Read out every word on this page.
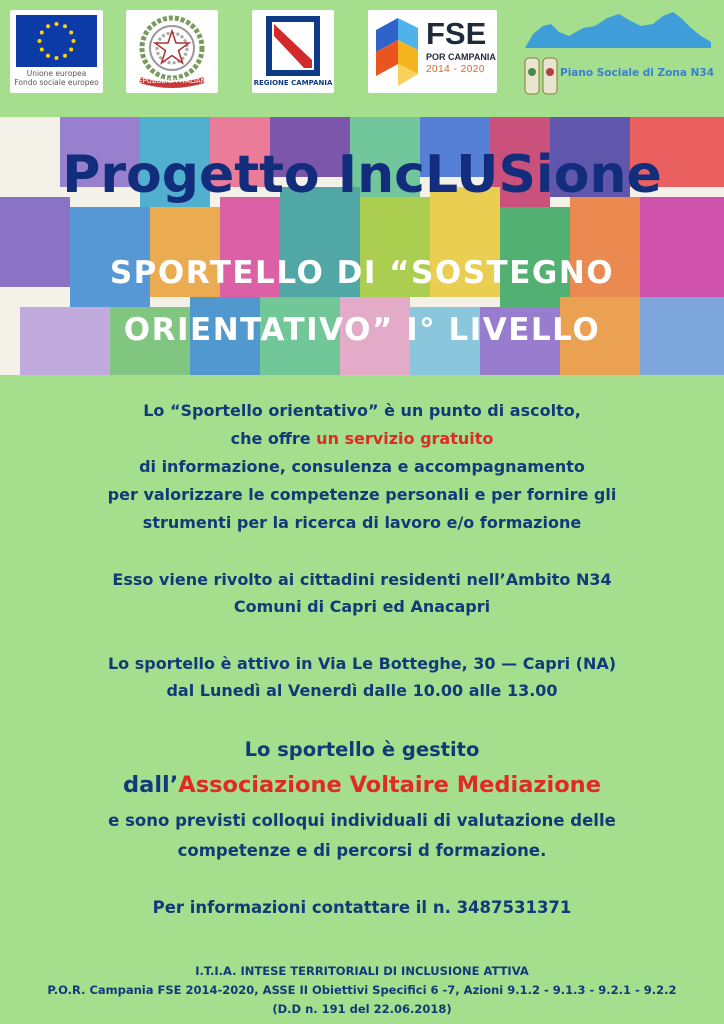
Unione europea
Fondo sociale europeo	REPUBBLICA ITALIANA	REGIONE CAMPANIA
FSE
POR CAMPANIA
2014 - 2020	Piano Sociale di Zona N34
Progetto IncLUSione
SPORTELLO DI “SOSTEGNO
ORIENTATIVO” I° LIVELLO
Lo “Sportello orientativo” è un punto di ascolto,
che offre un servizio gratuito
di informazione, consulenza e accompagnamento
per valorizzare le competenze personali e per fornire gli
strumenti per la ricerca di lavoro e/o formazione
Esso viene rivolto ai cittadini residenti nell’Ambito N34
Comuni di Capri ed Anacapri
Lo sportello è attivo in Via Le Botteghe, 30 — Capri (NA)
dal Lunedì al Venerdì dalle 10.00 alle 13.00
Lo sportello è gestito
dall’Associazione Voltaire Mediazione
e sono previsti colloqui individuali di valutazione delle
competenze e di percorsi d formazione.
Per informazioni contattare il n. 3487531371
I.T.I.A. INTESE TERRITORIALI DI INCLUSIONE ATTIVA
P.O.R. Campania FSE 2014-2020, ASSE II Obiettivi Specifici 6 -7, Azioni 9.1.2 - 9.1.3 - 9.2.1 - 9.2.2
(D.D n. 191 del 22.06.2018)
